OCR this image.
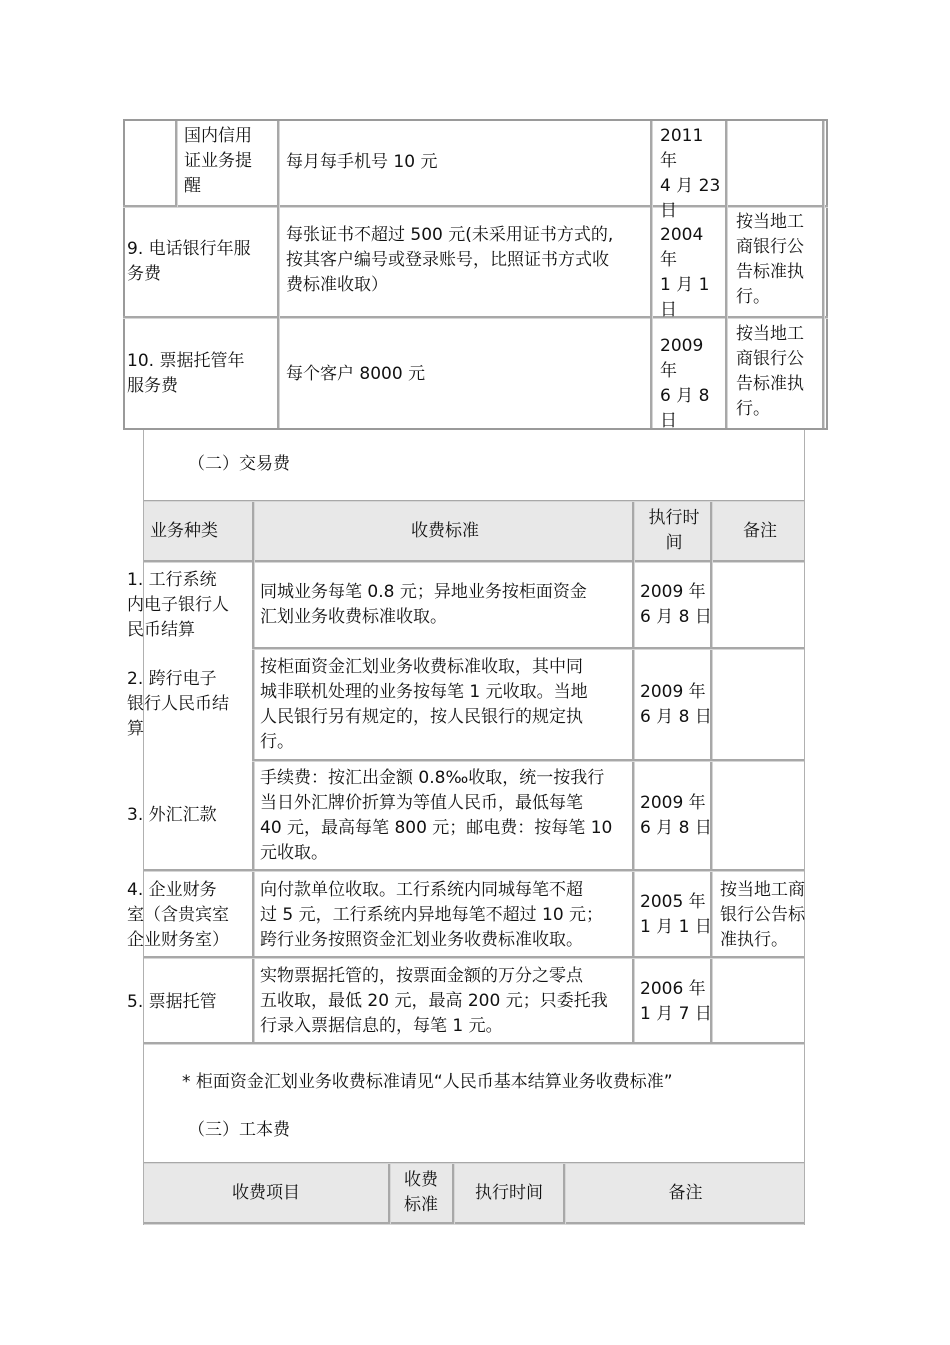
国内信用
证业务提
醒
每月每手机号 10 元
2011 年
4 月 23
日
9. 电话银行年服
务费
每张证书不超过 500 元(未采用证书方式的,
按其客户编号或登录账号，比照证书方式收
费标准收取）
2004 年
1 月 1
日
按当地工
商银行公
告标准执
行。
10. 票据托管年
服务费
每个客户 8000 元
2009 年
6 月 8
日
按当地工
商银行公
告标准执
行。
（二）交易费
业务种类	收费标准
执行时
间
备注
1. 工行系统
内电子银行人
民币结算
同城业务每笔 0.8 元；异地业务按柜面资金
汇划业务收费标准收取。
2009 年
6 月 8 日
2. 跨行电子
银行人民币结
算
按柜面资金汇划业务收费标准收取，其中同
城非联机处理的业务按每笔 1 元收取。当地
人民银行另有规定的，按人民银行的规定执
行。
2009 年
6 月 8 日
3. 外汇汇款
手续费：按汇出金额 0.8‰收取，统一按我行
当日外汇牌价折算为等值人民币，最低每笔
40 元，最高每笔 800 元；邮电费：按每笔 10
元收取。
2009 年
6 月 8 日
4. 企业财务
室（含贵宾室
企业财务室）
向付款单位收取。工行系统内同城每笔不超
过 5 元，工行系统内异地每笔不超过 10 元；
跨行业务按照资金汇划业务收费标准收取。
2005 年
1 月 1 日
按当地工商
银行公告标
准执行。
5. 票据托管
实物票据托管的，按票面金额的万分之零点
五收取，最低 20 元，最高 200 元；只委托我
行录入票据信息的，每笔 1 元。
2006 年
1 月 7 日
* 柜面资金汇划业务收费标准请见“人民币基本结算业务收费标准”
（三）工本费
收费项目
收费
标准
执行时间	备注
